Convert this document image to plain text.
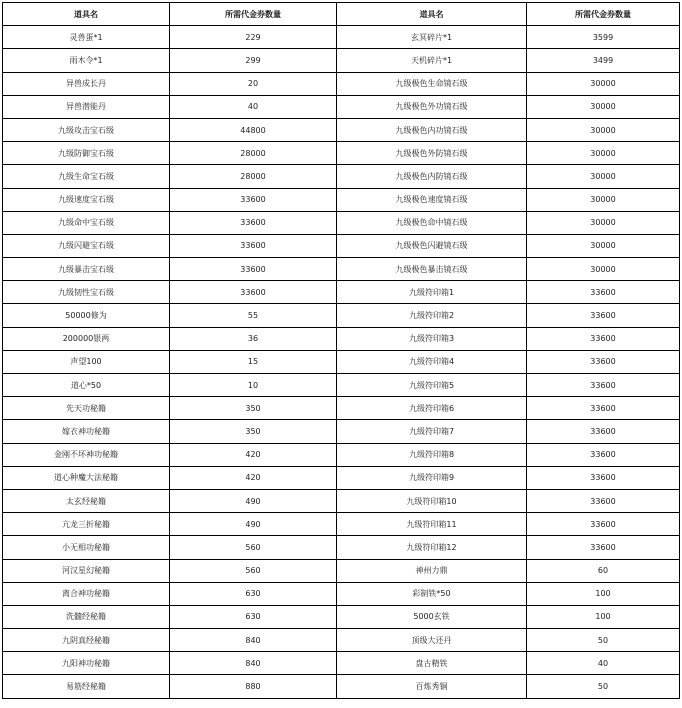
道具名	所需代金券数量	道具名	所需代金券数量
灵兽蛋*1	229	玄冥碎片*1	3599
雨木令*1	299	天机碎片*1	3499
异兽成长丹	20	九级极色生命镜石级	30000
异兽潜能丹	40	九级极色外功镜石级	30000
九级攻击宝石级	44800	九级极色内功镜石级	30000
九级防御宝石级	28000	九级极色外防镜石级	30000
九级生命宝石级	28000	九级极色内防镜石级	30000
九级速度宝石级	33600	九级极色速度镜石级	30000
九级命中宝石级	33600	九级极色命中镜石级	30000
九级闪避宝石级	33600	九级极色闪避镜石级	30000
九级暴击宝石级	33600	九级极色暴击镜石级	30000
九级韧性宝石级	33600	九级符印箱1	33600
50000修为	55	九级符印箱2	33600
200000银两	36	九级符印箱3	33600
声望100	15	九级符印箱4	33600
道心*50	10	九级符印箱5	33600
先天功秘籍	350	九级符印箱6	33600
嫁衣神功秘籍	350	九级符印箱7	33600
金刚不坏神功秘籍	420	九级符印箱8	33600
道心种魔大法秘籍	420	九级符印箱9	33600
太玄经秘籍	490	九级符印箱10	33600
亢龙三折秘籍	490	九级符印箱11	33600
小无相功秘籍	560	九级符印箱12	33600
河汉星幻秘籍	560	神州力鼎	60
离合神功秘籍	630	彩制铁*50	100
洗髓经秘籍	630	5000玄铁	100
九阴真经秘籍	840	顶级大还丹	50
九阳神功秘籍	840	盘古精铁	40
易筋经秘籍	880	百炼秀铜	50
